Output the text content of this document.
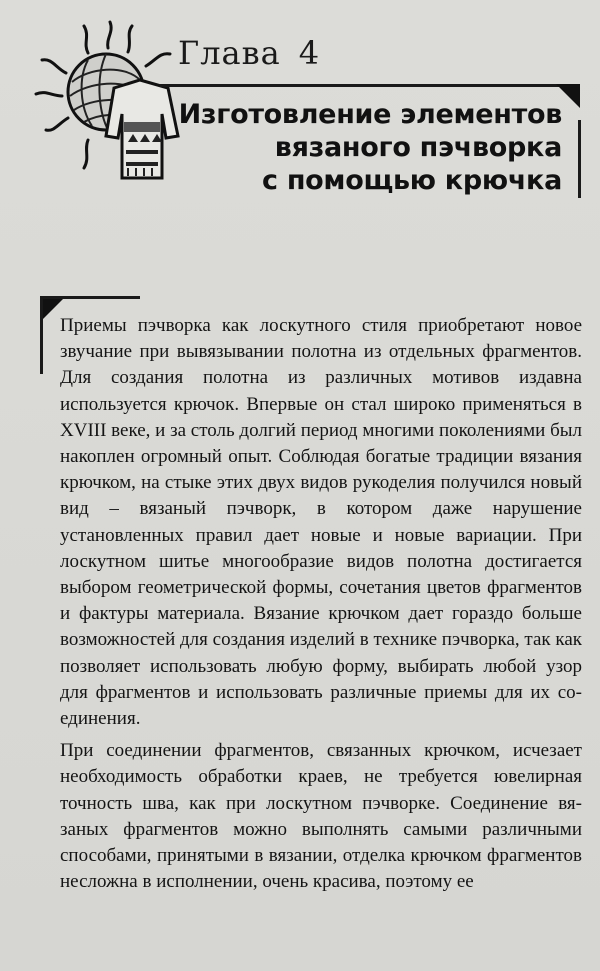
Глава 4
Изготовление элементов
вязаного пэчворка
с помощью крючка

Приемы пэчворка как лоскутного стиля приобретают новое звучание при вывязывании полотна из отдельных фрагментов. Для создания полотна из различных мотивов издавна используется крючок. Впервые он стал широко применяться в XVIII веке, и за столь долгий период многими поколениями был накоплен огромный опыт. Соблюдая богатые традиции вязания крючком, на стыке этих двух видов рукоделия получился новый вид – вязаный пэчворк, в котором даже нарушение установленных правил дает новые и новые вариации. При лоскутном шитье многообразие видов полотна достигается выбором геометрической формы, сочетания цветов фрагментов и фактуры материала. Вязание крючком дает гораздо больше возможностей для создания изделий в технике пэчворка, так как позволяет использовать любую форму, выбирать любой узор для фрагментов и использовать различные приемы для их соединения.

При соединении фрагментов, связанных крючком, исчезает необходимость обработки краев, не требуется ювелирная точность шва, как при лоскутном пэчворке. Соединение вязаных фрагментов можно выполнять самыми различными способами, принятыми в вязании, отделка крючком фрагментов несложна в исполнении, очень красива, поэтому ее
